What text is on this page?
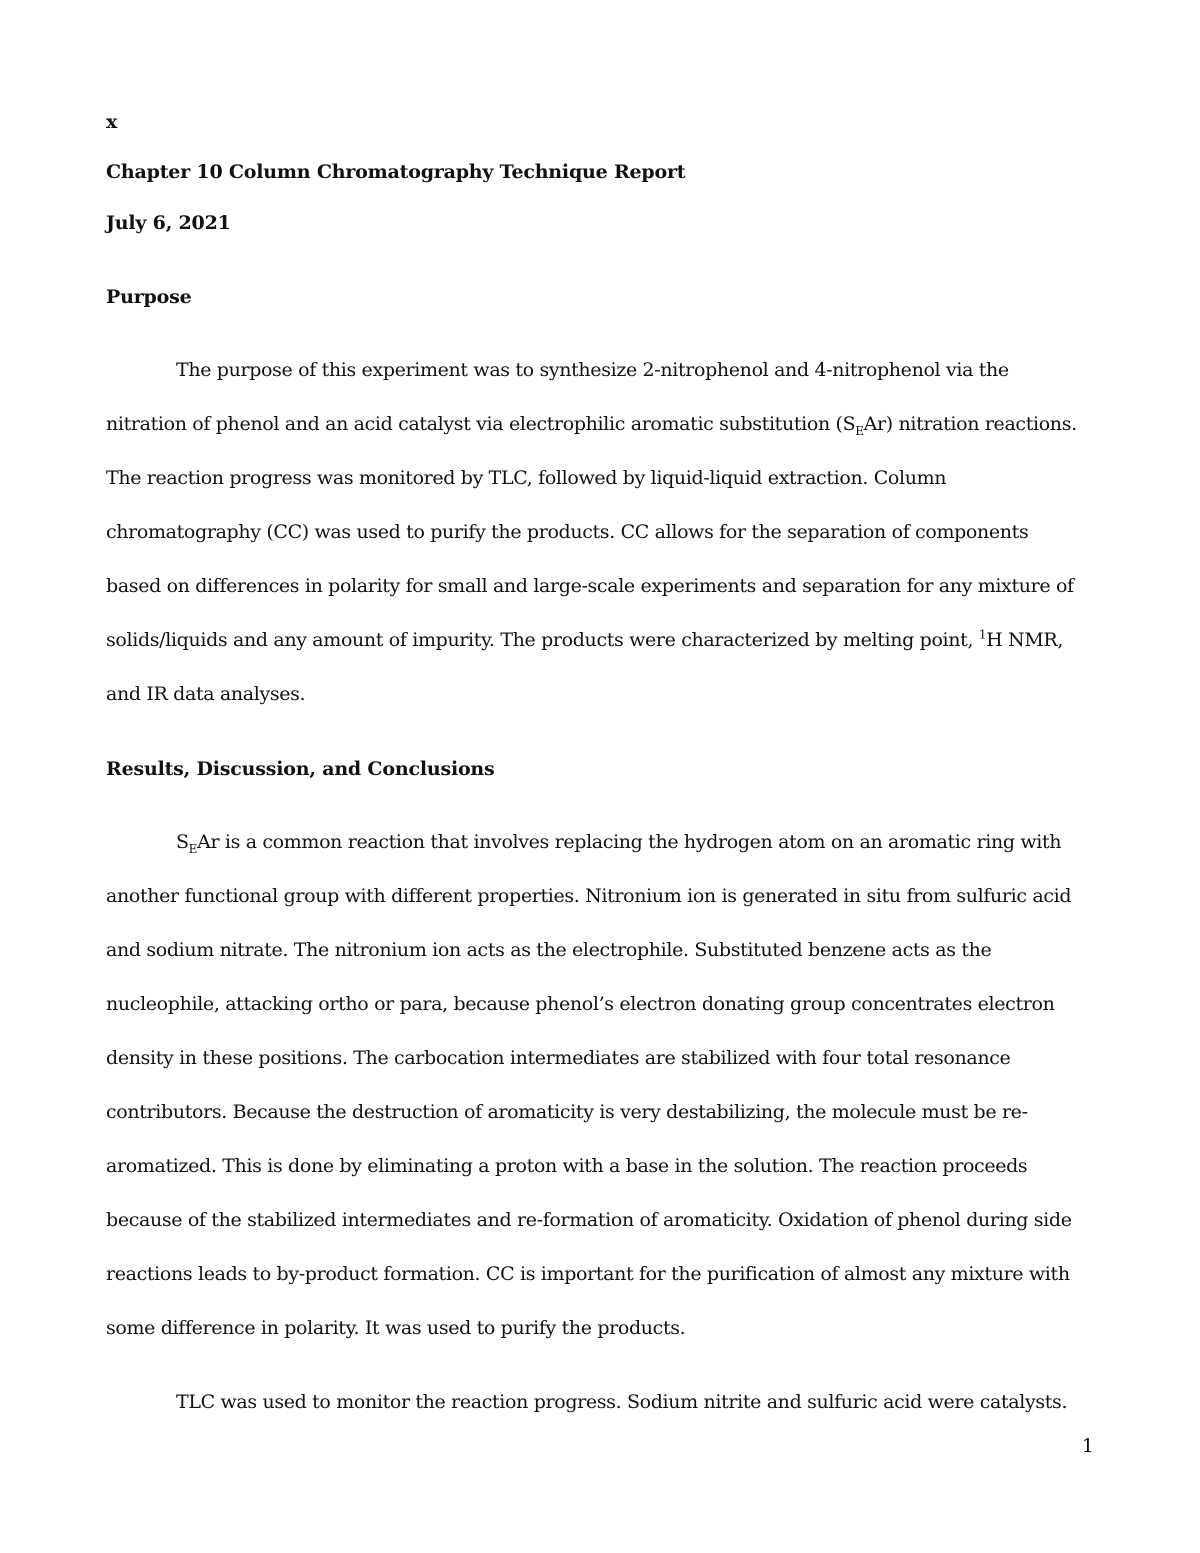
x
Chapter 10 Column Chromatography Technique Report
July 6, 2021
Purpose
The purpose of this experiment was to synthesize 2-nitrophenol and 4-nitrophenol via the
nitration of phenol and an acid catalyst via electrophilic aromatic substitution $(S_EAr)$ nitration reactions.
The reaction progress was monitored by TLC, followed by liquid-liquid extraction. Column
chromatography (CC) was used to purify the products. CC allows for the separation of components
based on differences in polarity for small and large-scale experiments and separation for any mixture of
solids/liquids and any amount of impurity. The products were characterized by melting point, $^1$H NMR,
and IR data analyses.
Results, Discussion, and Conclusions
$S_EAr$ is a common reaction that involves replacing the hydrogen atom on an aromatic ring with
another functional group with different properties. Nitronium ion is generated in situ from sulfuric acid
and sodium nitrate. The nitronium ion acts as the electrophile. Substituted benzene acts as the
nucleophile, attacking ortho or para, because phenol’s electron donating group concentrates electron
density in these positions. The carbocation intermediates are stabilized with four total resonance
contributors. Because the destruction of aromaticity is very destabilizing, the molecule must be re-
aromatized. This is done by eliminating a proton with a base in the solution. The reaction proceeds
because of the stabilized intermediates and re-formation of aromaticity. Oxidation of phenol during side
reactions leads to by-product formation. CC is important for the purification of almost any mixture with
some difference in polarity. It was used to purify the products.
TLC was used to monitor the reaction progress. Sodium nitrite and sulfuric acid were catalysts.
1
